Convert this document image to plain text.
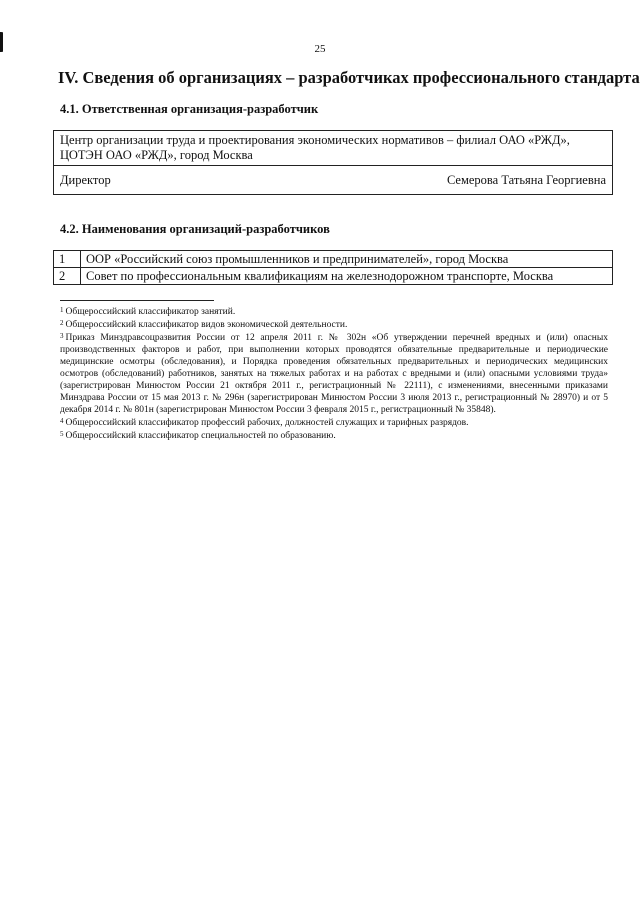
25
IV. Сведения об организациях – разработчиках профессионального стандарта
4.1. Ответственная организация-разработчик
Центр организации труда и проектирования экономических нормативов – филиал ОАО «РЖД», ЦОТЭН ОАО «РЖД», город Москва

Директор	Семерова Татьяна Георгиевна
4.2. Наименования организаций-разработчиков
1	ООР «Российский союз промышленников и предпринимателей», город Москва
2	Совет по профессиональным квалификациям на железнодорожном транспорте, Москва

$^1$ Общероссийский классификатор занятий.

$^2$ Общероссийский классификатор видов экономической деятельности.

$^3$ Приказ Минздравсоцразвития России от 12 апреля 2011 г. № 302н «Об утверждении перечней вредных и (или) опасных производственных факторов и работ, при выполнении которых проводятся обязательные предварительные и периодические медицинские осмотры (обследования), и Порядка проведения обязательных предварительных и периодических медицинских осмотров (обследований) работников, занятых на тяжелых работах и на работах с вредными и (или) опасными условиями труда» (зарегистрирован Минюстом России 21 октября 2011 г., регистрационный № 22111), с изменениями, внесенными приказами Минздрава России от 15 мая 2013 г. № 296н (зарегистрирован Минюстом России 3 июля 2013 г., регистрационный № 28970) и от 5 декабря 2014 г. № 801н (зарегистрирован Минюстом России 3 февраля 2015 г., регистрационный № 35848).

$^4$ Общероссийский классификатор профессий рабочих, должностей служащих и тарифных разрядов.

$^5$ Общероссийский классификатор специальностей по образованию.
